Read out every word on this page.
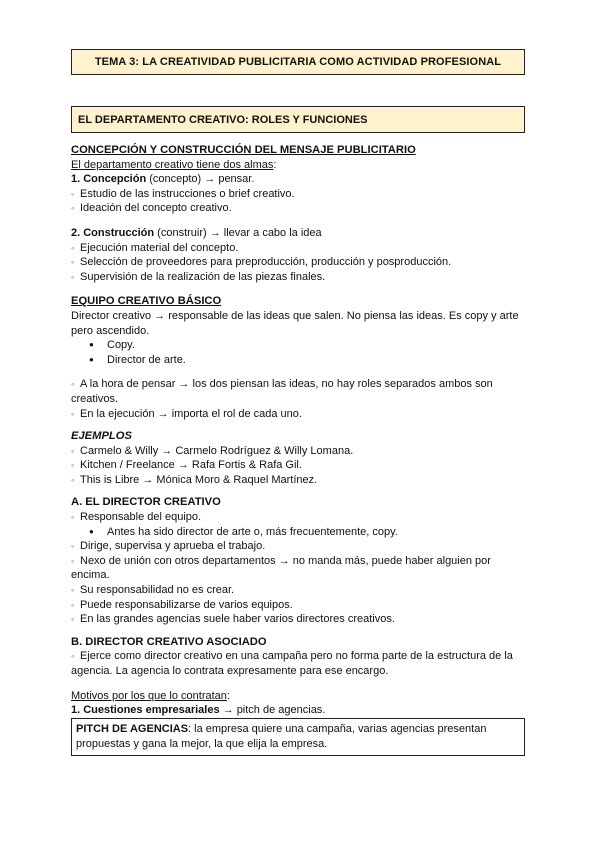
TEMA 3: LA CREATIVIDAD PUBLICITARIA COMO ACTIVIDAD PROFESIONAL
EL DEPARTAMENTO CREATIVO: ROLES Y FUNCIONES
CONCEPCIÓN Y CONSTRUCCIÓN DEL MENSAJE PUBLICITARIO
El departamento creativo tiene dos almas:
1. Concepción (concepto) → pensar.
◦ Estudio de las instrucciones o brief creativo.
◦ Ideación del concepto creativo.
2. Construcción (construir) → llevar a cabo la idea
◦ Ejecución material del concepto.
◦ Selección de proveedores para preproducción, producción y posproducción.
◦ Supervisión de la realización de las piezas finales.
EQUIPO CREATIVO BÁSICO
Director creativo → responsable de las ideas que salen. No piensa las ideas. Es copy y arte pero ascendido.
● Copy.
● Director de arte.
◦ A la hora de pensar → los dos piensan las ideas, no hay roles separados ambos son creativos.
◦ En la ejecución → importa el rol de cada uno.
EJEMPLOS
◦ Carmelo & Willy → Carmelo Rodríguez & Willy Lomana.
◦ Kitchen / Freelance → Rafa Fortis & Rafa Gil.
◦ This is Libre → Mónica Moro & Raquel Martínez.
A. EL DIRECTOR CREATIVO
◦ Responsable del equipo.
● Antes ha sido director de arte o, más frecuentemente, copy.
◦ Dirige, supervisa y aprueba el trabajo.
◦ Nexo de unión con otros departamentos → no manda más, puede haber alguien por encima.
◦ Su responsabilidad no es crear.
◦ Puede responsabilizarse de varios equipos.
◦ En las grandes agencias suele haber varios directores creativos.
B. DIRECTOR CREATIVO ASOCIADO
◦ Ejerce como director creativo en una campaña pero no forma parte de la estructura de la agencia. La agencia lo contrata expresamente para ese encargo.
Motivos por los que lo contratan:
1. Cuestiones empresariales → pitch de agencias.
PITCH DE AGENCIAS: la empresa quiere una campaña, varias agencias presentan propuestas y gana la mejor, la que elija la empresa.
